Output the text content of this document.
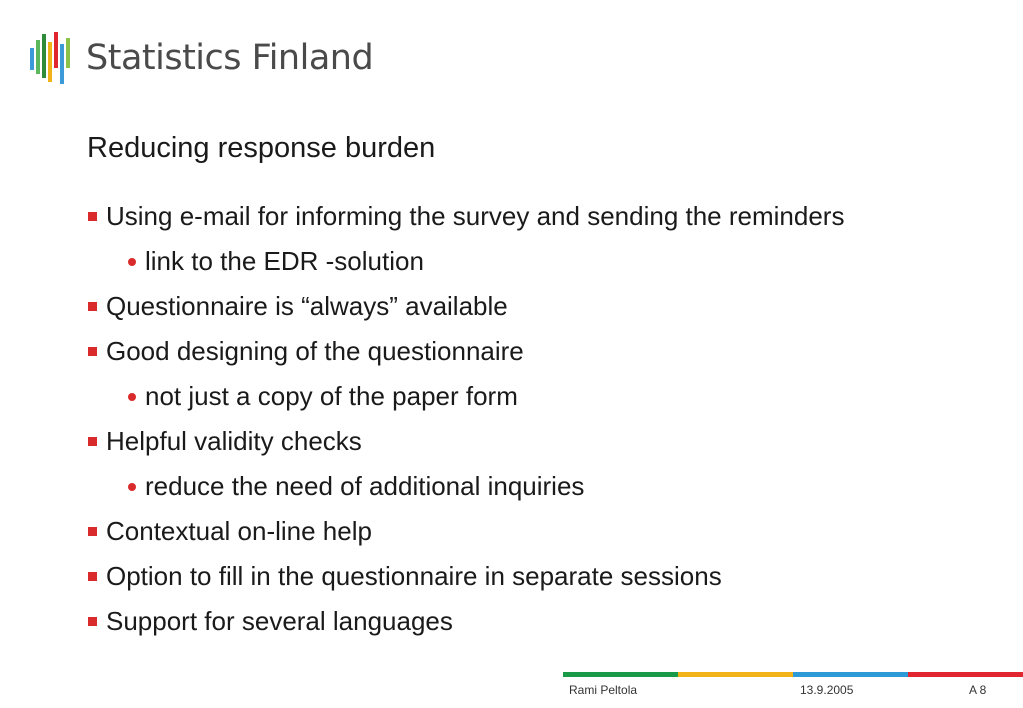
Statistics Finland
Reducing response burden
Using e-mail for informing the survey and sending the reminders
link to the EDR -solution
Questionnaire is “always” available
Good designing of the questionnaire
not just a copy of the paper form
Helpful validity checks
reduce the need of additional inquiries
Contextual on-line help
Option to fill in the questionnaire in separate sessions
Support for several languages
Rami Peltola	13.9.2005	A 8
